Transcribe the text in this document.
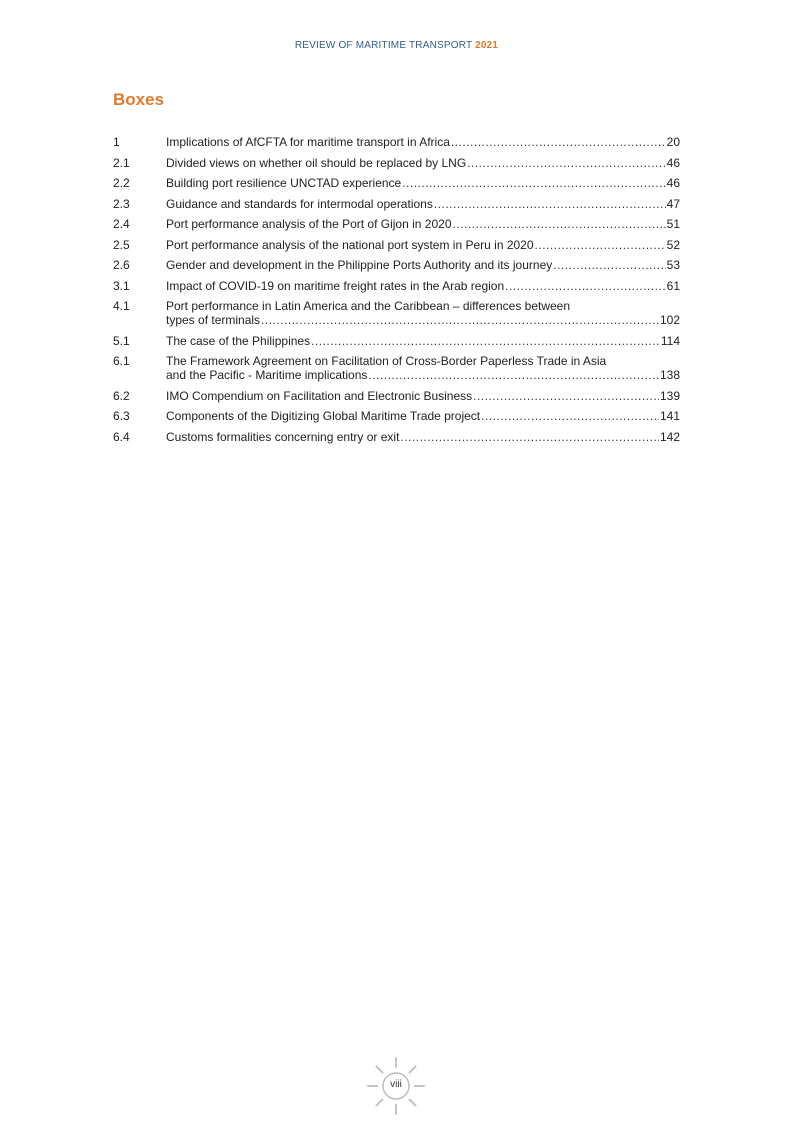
REVIEW OF MARITIME TRANSPORT 2021
Boxes
1	Implications of AfCFTA for maritime transport in Africa .....	20
2.1	Divided views on whether oil should be replaced by LNG .....	46
2.2	Building port resilience UNCTAD experience .....	46
2.3	Guidance and standards for intermodal operations .....	47
2.4	Port performance analysis of the Port of Gijon in 2020 .....	51
2.5	Port performance analysis of the national port system in Peru in 2020 .....	52
2.6	Gender and development in the Philippine Ports Authority and its journey .....	53
3.1	Impact of COVID-19 on maritime freight rates in the Arab region .....	61
4.1	Port performance in Latin America and the Caribbean – differences between
types of terminals .....	102
5.1	The case of the Philippines .....	114
6.1	The Framework Agreement on Facilitation of Cross-Border Paperless Trade in Asia
and the Pacific - Maritime implications .....	138
6.2	IMO Compendium on Facilitation and Electronic Business .....	139
6.3	Components of the Digitizing Global Maritime Trade project .....	141
6.4	Customs formalities concerning entry or exit .....	142
viii
